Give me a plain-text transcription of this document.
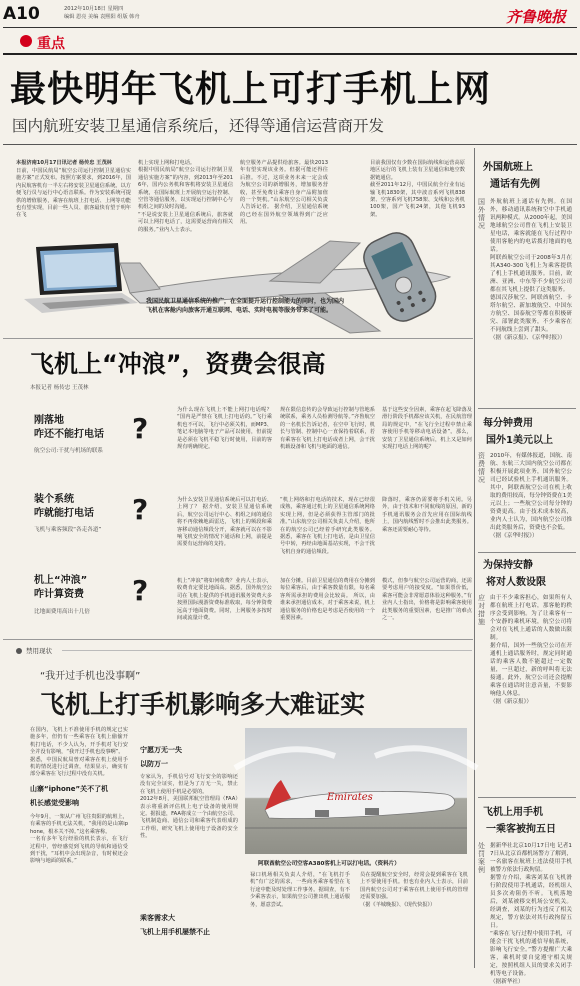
A10	2012年10月18日 星期四
编辑 恩亮 美编 袁熙阳 组版 韩舟
重点
齐鲁晚报
最快明年飞机上可打手机上网
国内航班安装卫星通信系统后，还得等通信运营商开发
本报济南10月17日讯记者 杨传忠 王茂林
日前，中国民航局“航空公司运行控制卫星通信实施方案”正式发布。按照方案要求，到2016年，国内民航客机有一半左右将安装卫星通信系统。以方便飞行员与运行中心语音联系。作为安装系统可提供的增值服务，乘客在航班上打电话、上网等功能也有望实现，目前一些人员、旅客最快有望于明年在飞
机上实现上网和打电话。
根据中国民航局“航空公司运行控制卫星通信实施方案”的内容，到2013年至2016年，国内公务机和客机将安装卫星通信系统，在国际航班上开展航空运行控制、空管等通信服务，以实现运行控制中心与机组之间的及时沟通。
“不是说安装上卫星通信系统后，旅客就可以上网打电话了，这需要运营商有相关的服务。”业内人士表示。
航空服务产品提供给旅客。最快2013年有望实现该业务。但据可能还得往后推。不过，这项业务未来一定会成为航空公司的新增服务，增加服务营收，甚至免费让乘客自身产品附加值的一个契机。”山东航空公司相关负责人告诉记者。 据介绍，卫星通信系统的已经在国外航空领域得到广泛应用。
目前我国仅有少数在国际航线和运营高原地区运行的飞机上装有卫星通信和地空数据链通信。
截至2011年12月，中国民航全行业有运输飞机1830架，其中波音系列飞机838架、空客系列飞机758架、支线和公务机100架，国产飞机24架，其他飞机93架。
我国民航卫星通信系统的推广，在全面提升运行控制能力的同时，也为国内飞机在客舱内向旅客开通互联网、电话、实时电视等服务带来了可能。
外国航班上
通话有先例
国外情况
外航航班上通话有先例。在国外，移动通讯系统和空中手机通讯两种模式。从2000年起，美国地球航空公司曾在飞机上安装卫星电话，乘客就能在飞行过程中使用客舱内的电话拨打地面的电话。
阿联酋航空公司于2008年3月在其A340-300飞机上为乘客提供了机上手机通讯服务。目前，欧洲、亚洲、中东等不少航空公司都在其飞机上提供了这类服务。
德国汉莎航空、阿联酋航空、卡塔尔航空、新加坡航空、中国东方航空、国泰航空等都在积极研究、部署此类服务，不少乘客在不同航线上尝到了甜头。
（据《新京报》、《京华时报》）
飞机上“冲浪”，资费会很高
本报记者 杨传忠 王茂林
刚落地
咋还不能打电话	?
航空公司:干扰与机场的联系
为什么现在飞机上不能上网打电话呢？ “国内是严禁在飞机上打电话的。”飞行乘机也不可以，飞行中必须关机，而MP3、笔记本电脑等电子产品可以使用，但前提是必须在飞机平稳飞行时使用，目前的客规有明确规定。
规在限信息传的会导致运行控制与管地系统联系，乘务人员检测导航等。”齐鲁航空的一名机长告诉记者，在空中飞行时，机长与管制、控制中心一直保持着联系，若有乘客在飞机上打电话或者上网，会干扰机载设备和飞机与地面的通信。
基于这些安全因素，乘客在起飞降落及滑行阶段手机都应该关机，在民航管理局的规定中，“在飞行全过程中禁止乘客使用手机等移动电话设备”。那么，安装了卫星通信系统后，机上又是如何实现打电话上网的呢？
装个系统
咋就能打电话	?
飞机与乘客频段“各走各道”
为什么安装卫星通信系统后可以打电话、上网了？ 据介绍，安装卫星通信系统后，航空公司运行中心、机组之间的通信将不再依赖地面雷达，飞机上的频段和乘客移动通信频段分开，乘客就可以在不影响飞机安全的情况下通话和上网，前提是需要有运营商的支持。
“机上网络和打电话的技术，现在已经很成熟，乘客通过机上的卫星通信系统网络实现上网，但是必须获得主管部门的批准。”山东航空公司相关负责人介绍，他所在的航空公司已经着手研究此类服务。 据悉，乘客在飞机上打电话，是由卫星信号中转，再经由地面基站实现，不会干扰飞机自身的通信频段。
降落时，乘客仍需要将手机关闭。另外，由于技术和不同航线的原因，新的手机通讯服务会首先应用在国际航线上，国内航线暂时不会推出此类服务。乘客还需要耐心等待。
机上“冲浪”
咋计算资费	?
比地面费用高出十几倍
机上“冲浪”将如何收费？业内人士表示，收费肯定要比地面高。据悉，国外航空公司在飞机上提供的手机通讯服务资费大多按照国际漫游资费标准收取，每分钟资费远高于地面资费。同时，上网服务多按时间或流量计费。
加在分摊。目前卫星通信的费用在分摊到每位乘客后，由于乘客数量有限，每名乘客所需承担的费用会比较高。 所以，由谁来承担通信成本，对于乘客来说，机上通信服务的价格也是考虑是否使用的一个重要因素。
模式，但参与航空公司运营的商，还需要考虑用户的接受度。“如果票价低，乘客可能会非常愿意体验这种服务。”有业内人士指出，价格将是影响乘客使用此类服务的重要因素，也是推广的难点之一。
每分钟费用
国外1美元以上
资费情况
2010年，有媒体报道，国航、南航、东航三大国内航空公司都在积极开展此项业务，国外航空公司已经试验机上手机通讯服务。其中，阿联酋航空公司在机上收取的费用较高，每分钟资费在1美元以上；一些航空公司每分钟的资费更高。由于技术成本较高，业内人士认为，国内航空公司推出此类服务后，资费也不会低。
（据《京华时报》）
为保持安静
将对人数设限
应对措施
由于不少乘客担心，如果所有人都在航班上打电话，那客舱的秩序会受到影响。为了让乘客有一个安静的乘机环境，航空公司将会对在飞机上通话的人数做出限制。
据介绍，国外一些航空公司在开通机上通话服务时，规定同时通话的乘客人数不能超过一定数量，一旦超过，新的呼叫将无法接通。此外，航空公司还会提醒乘客在通话时注意音量，不要影响他人休息。
（据《新京报》）
禁用现状
“我开过手机也没事啊”
飞机上打手机影响多大难证实
在国内，飞机上不准使用手机的规定已实施多年，但仍有一些乘客在飞机上偷偷开机打电话，不少人认为，开手机对飞行安全并没有影响，“我开过手机也没事啊”。
据悉，中国民航局曾对乘客在机上使用手机的情况进行过调查，结果显示，确实有部分乘客在飞行过程中没有关机。
山寨“iphone”关不了机
机长感觉受影响
今年9月，一架从广州飞往贵阳的航班上，有乘客的手机无法关机，“我用的是山寨iphone，根本关不掉。”这名乘客称。
一名有多年飞行经验的机长表示，在飞行过程中，曾经感觉到飞机的导航和通信受到干扰，“耳机中会出现杂音，有时候还会影响与地面的联系。”
宁愿万无一失
以防万一
专家认为，手机信号对飞行安全的影响还没有完全证实，但是为了万无一失，禁止在飞机上使用手机是必要的。
2012年8月，美国联邦航空管理局（FAA）表示将重新评估机上电子设备的使用规定。据报道，FAA将成立一个由航空公司、飞机制造商、通信公司和乘客代表组成的工作组，研究飞机上使用电子设备的安全性。
乘客需求大
飞机上用手机屡禁不止
Emirates
阿联酋航空公司空客A380客机上可以打电话。（资料片）
禄口机场相关负责人介绍，“在飞机打手机”有广泛的需求，一些商务乘客希望在飞行途中能及时处理工作事务。据调查，有不少乘客表示，如果航空公司推出机上通话服务，愿意尝试。
员在提醒航空安全时，经常会提到乘客在飞机上不要使用手机。但也有业内人士表示，目前国内航空公司对于乘客在机上使用手机的管理还需要加强。
（据《羊城晚报》、《现代快报》）
飞机上用手机
一乘客被拘五日
处罚案例
据新华社北京10月17日电 记者17日从北京首都机场警方了解到，一名旅客在航班上违法使用手机被警方依法行政拘留。
据警方介绍，乘客刘某在飞机滑行阶段使用手机通话，经机组人员多次劝阻仍不听。飞机落地后，刘某被移交机场公安机关。经调查，刘某的行为违反了相关规定，警方依法对其行政拘留五日。
“乘客在飞行过程中使用手机，可能会干扰飞机的通信导航系统，影响飞行安全。”警方提醒广大乘客，乘机时要自觉遵守相关规定，按照机组人员的要求关闭手机等电子设备。
（据新华社）
